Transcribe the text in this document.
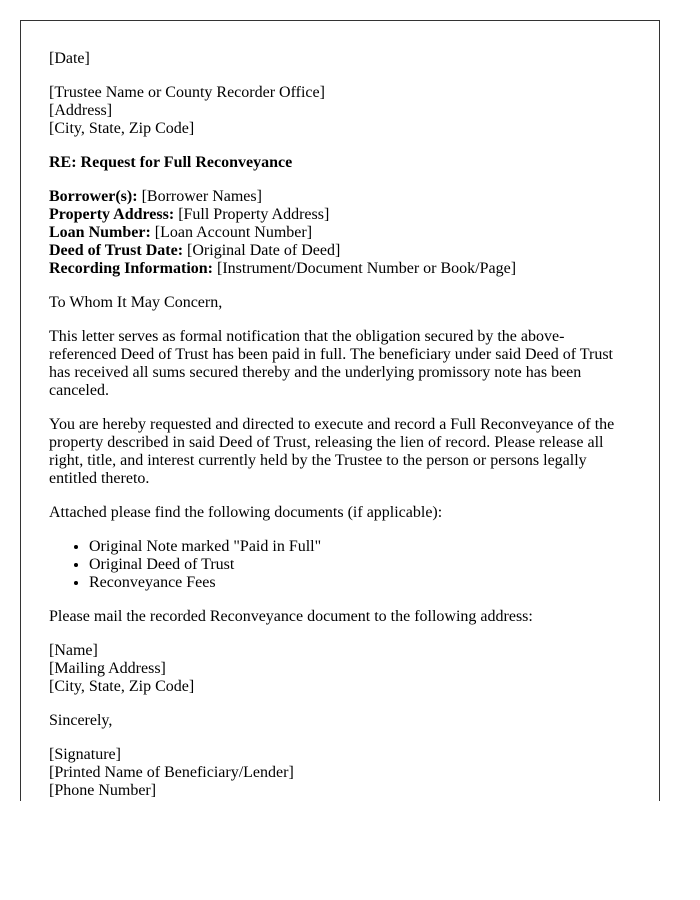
[Date]

[Trustee Name or County Recorder Office]
[Address]
[City, State, Zip Code]

RE: Request for Full Reconveyance

Borrower(s): [Borrower Names]
Property Address: [Full Property Address]
Loan Number: [Loan Account Number]
Deed of Trust Date: [Original Date of Deed]
Recording Information: [Instrument/Document Number or Book/Page]

To Whom It May Concern,

This letter serves as formal notification that the obligation secured by the above-referenced Deed of Trust has been paid in full. The beneficiary under said Deed of Trust has received all sums secured thereby and the underlying promissory note has been canceled.

You are hereby requested and directed to execute and record a Full Reconveyance of the property described in said Deed of Trust, releasing the lien of record. Please release all right, title, and interest currently held by the Trustee to the person or persons legally entitled thereto.

Attached please find the following documents (if applicable):

• Original Note marked "Paid in Full"
• Original Deed of Trust
• Reconveyance Fees

Please mail the recorded Reconveyance document to the following address:

[Name]
[Mailing Address]
[City, State, Zip Code]

Sincerely,

[Signature]
[Printed Name of Beneficiary/Lender]
[Phone Number]
